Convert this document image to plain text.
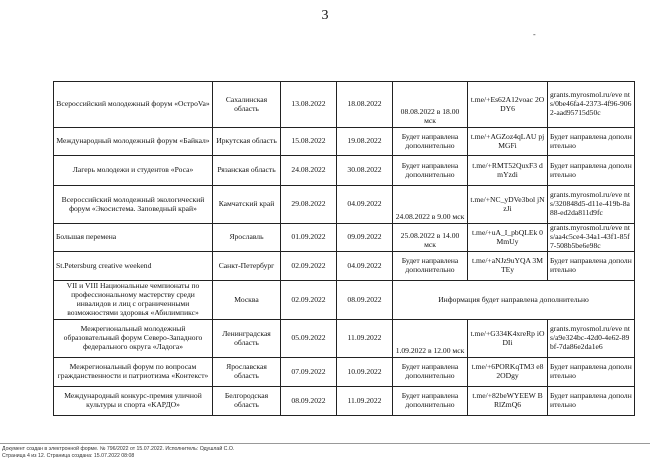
3
-
Всероссийский молодежный форум «ОстроVa»	Сахалинская область	13.08.2022	18.08.2022	08.08.2022 в 18.00 мск	t.me/+Es62A12voac 2ODY6	grants.myrosmol.ru/eve nts/0be46fa4-2373-4f96-9062-aad95715d50c
Международный молодежный форум «Байкал»	Иркутская область	15.08.2022	19.08.2022	Будет направлена дополнительно	t.me/+AGZoz4qLAU pjMGFi	Будет направлена дополнительно
Лагерь молодежи и студентов «Роса»	Рязанская область	24.08.2022	30.08.2022	Будет направлена дополнительно	t.me/+RMT52QuxF3 dmYzdi	Будет направлена дополнительно
Всероссийский молодежный экологический форум «Экосистема. Заповедный край»	Камчатский край	29.08.2022	04.09.2022	24.08.2022 в 9.00 мск	t.me/+NC_yDVe3bol jNzJi	grants.myrosmol.ru/eve nts/320848d5-d11e-419b-8a88-ed2da811d9fc
Большая перемена	Ярославль	01.09.2022	09.09.2022	25.08.2022 в 14.00 мск	t.me/+uA_I_pbQLEk 0MmUy	grants.myrosmol.ru/eve nts/aa4c5ce4-34a1-43f1-85f7-508b5be6e98c
St.Petersburg creative weekend	Санкт-Петербург	02.09.2022	04.09.2022	Будет направлена дополнительно	t.me/+aNJz9uYQA 3MTEy	Будет направлена дополнительно
VII и VIII Национальные чемпионаты по профессиональному мастерству среди инвалидов и лиц с ограниченными возможностями здоровья «Абилимпикс»	Москва	02.09.2022	08.09.2022	Информация будет направлена дополнительно		
Межрегиональный молодежный образовательный форум Северо-Западного федерального округа «Ладога»	Ленинградская область	05.09.2022	11.09.2022	1.09.2022 в 12.00 мск	t.me/+G334K4xreRp iODIi	grants.myrosmol.ru/eve nts/a9e324bc-42d0-4e62-89bf-7da86e2da1e6
Межрегиональный форум по вопросам гражданственности и патриотизма «Контекст»	Ярославская область	07.09.2022	10.09.2022	Будет направлена дополнительно	t.me/+6PORKqTM3 e82ODgy	Будет направлена дополнительно
Международный конкурс-премия уличной культуры и спорта «КАРДО»	Белгородская область	08.09.2022	11.09.2022	Будет направлена дополнительно	t.me/+82beWYEEW BRlZmQ6	Будет направлена дополнительно
Документ создан в электронной форме. № 796/2022 от 15.07.2022. Исполнитель: Одушлай С.О.
Страница 4 из 12. Страница создана: 15.07.2022 08:08
